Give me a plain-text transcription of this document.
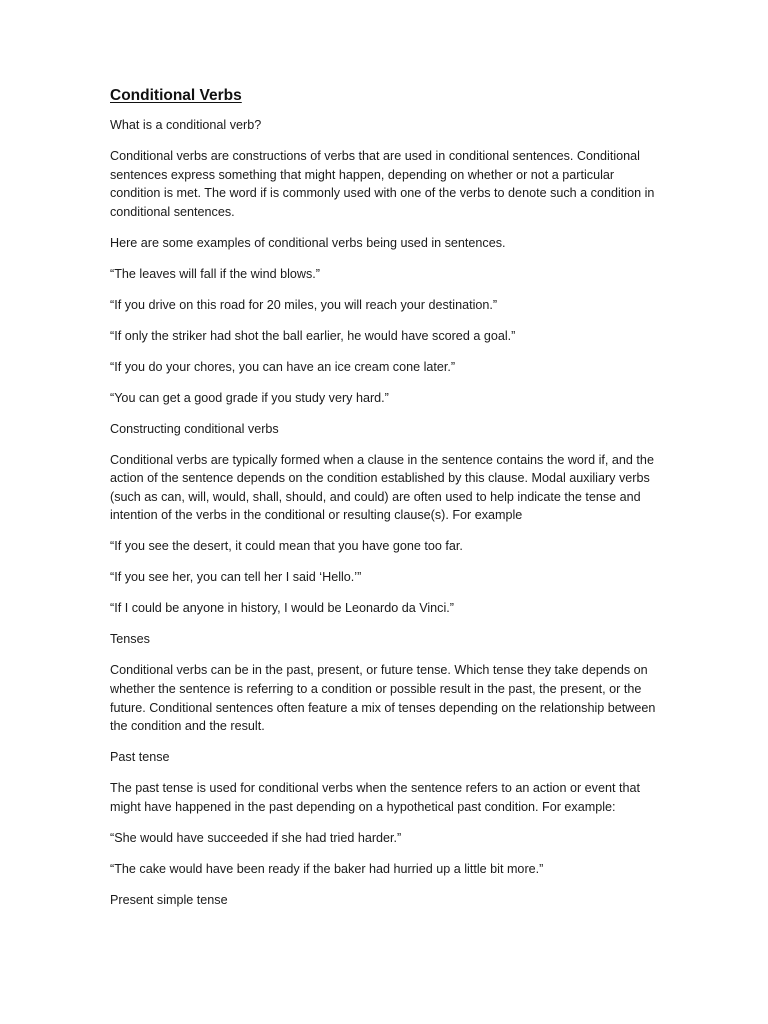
Conditional Verbs

What is a conditional verb?

Conditional verbs are constructions of verbs that are used in conditional sentences. Conditional sentences express something that might happen, depending on whether or not a particular condition is met. The word if is commonly used with one of the verbs to denote such a condition in conditional sentences.

Here are some examples of conditional verbs being used in sentences.

“The leaves will fall if the wind blows.”

“If you drive on this road for 20 miles, you will reach your destination.”

“If only the striker had shot the ball earlier, he would have scored a goal.”

“If you do your chores, you can have an ice cream cone later.”

“You can get a good grade if you study very hard.”

Constructing conditional verbs

Conditional verbs are typically formed when a clause in the sentence contains the word if, and the action of the sentence depends on the condition established by this clause. Modal auxiliary verbs (such as can, will, would, shall, should, and could) are often used to help indicate the tense and intention of the verbs in the conditional or resulting clause(s). For example

“If you see the desert, it could mean that you have gone too far.

“If you see her, you can tell her I said ‘Hello.’”

“If I could be anyone in history, I would be Leonardo da Vinci.”

Tenses

Conditional verbs can be in the past, present, or future tense. Which tense they take depends on whether the sentence is referring to a condition or possible result in the past, the present, or the future. Conditional sentences often feature a mix of tenses depending on the relationship between the condition and the result.

Past tense

The past tense is used for conditional verbs when the sentence refers to an action or event that might have happened in the past depending on a hypothetical past condition. For example:

“She would have succeeded if she had tried harder.”

“The cake would have been ready if the baker had hurried up a little bit more.”

Present simple tense
